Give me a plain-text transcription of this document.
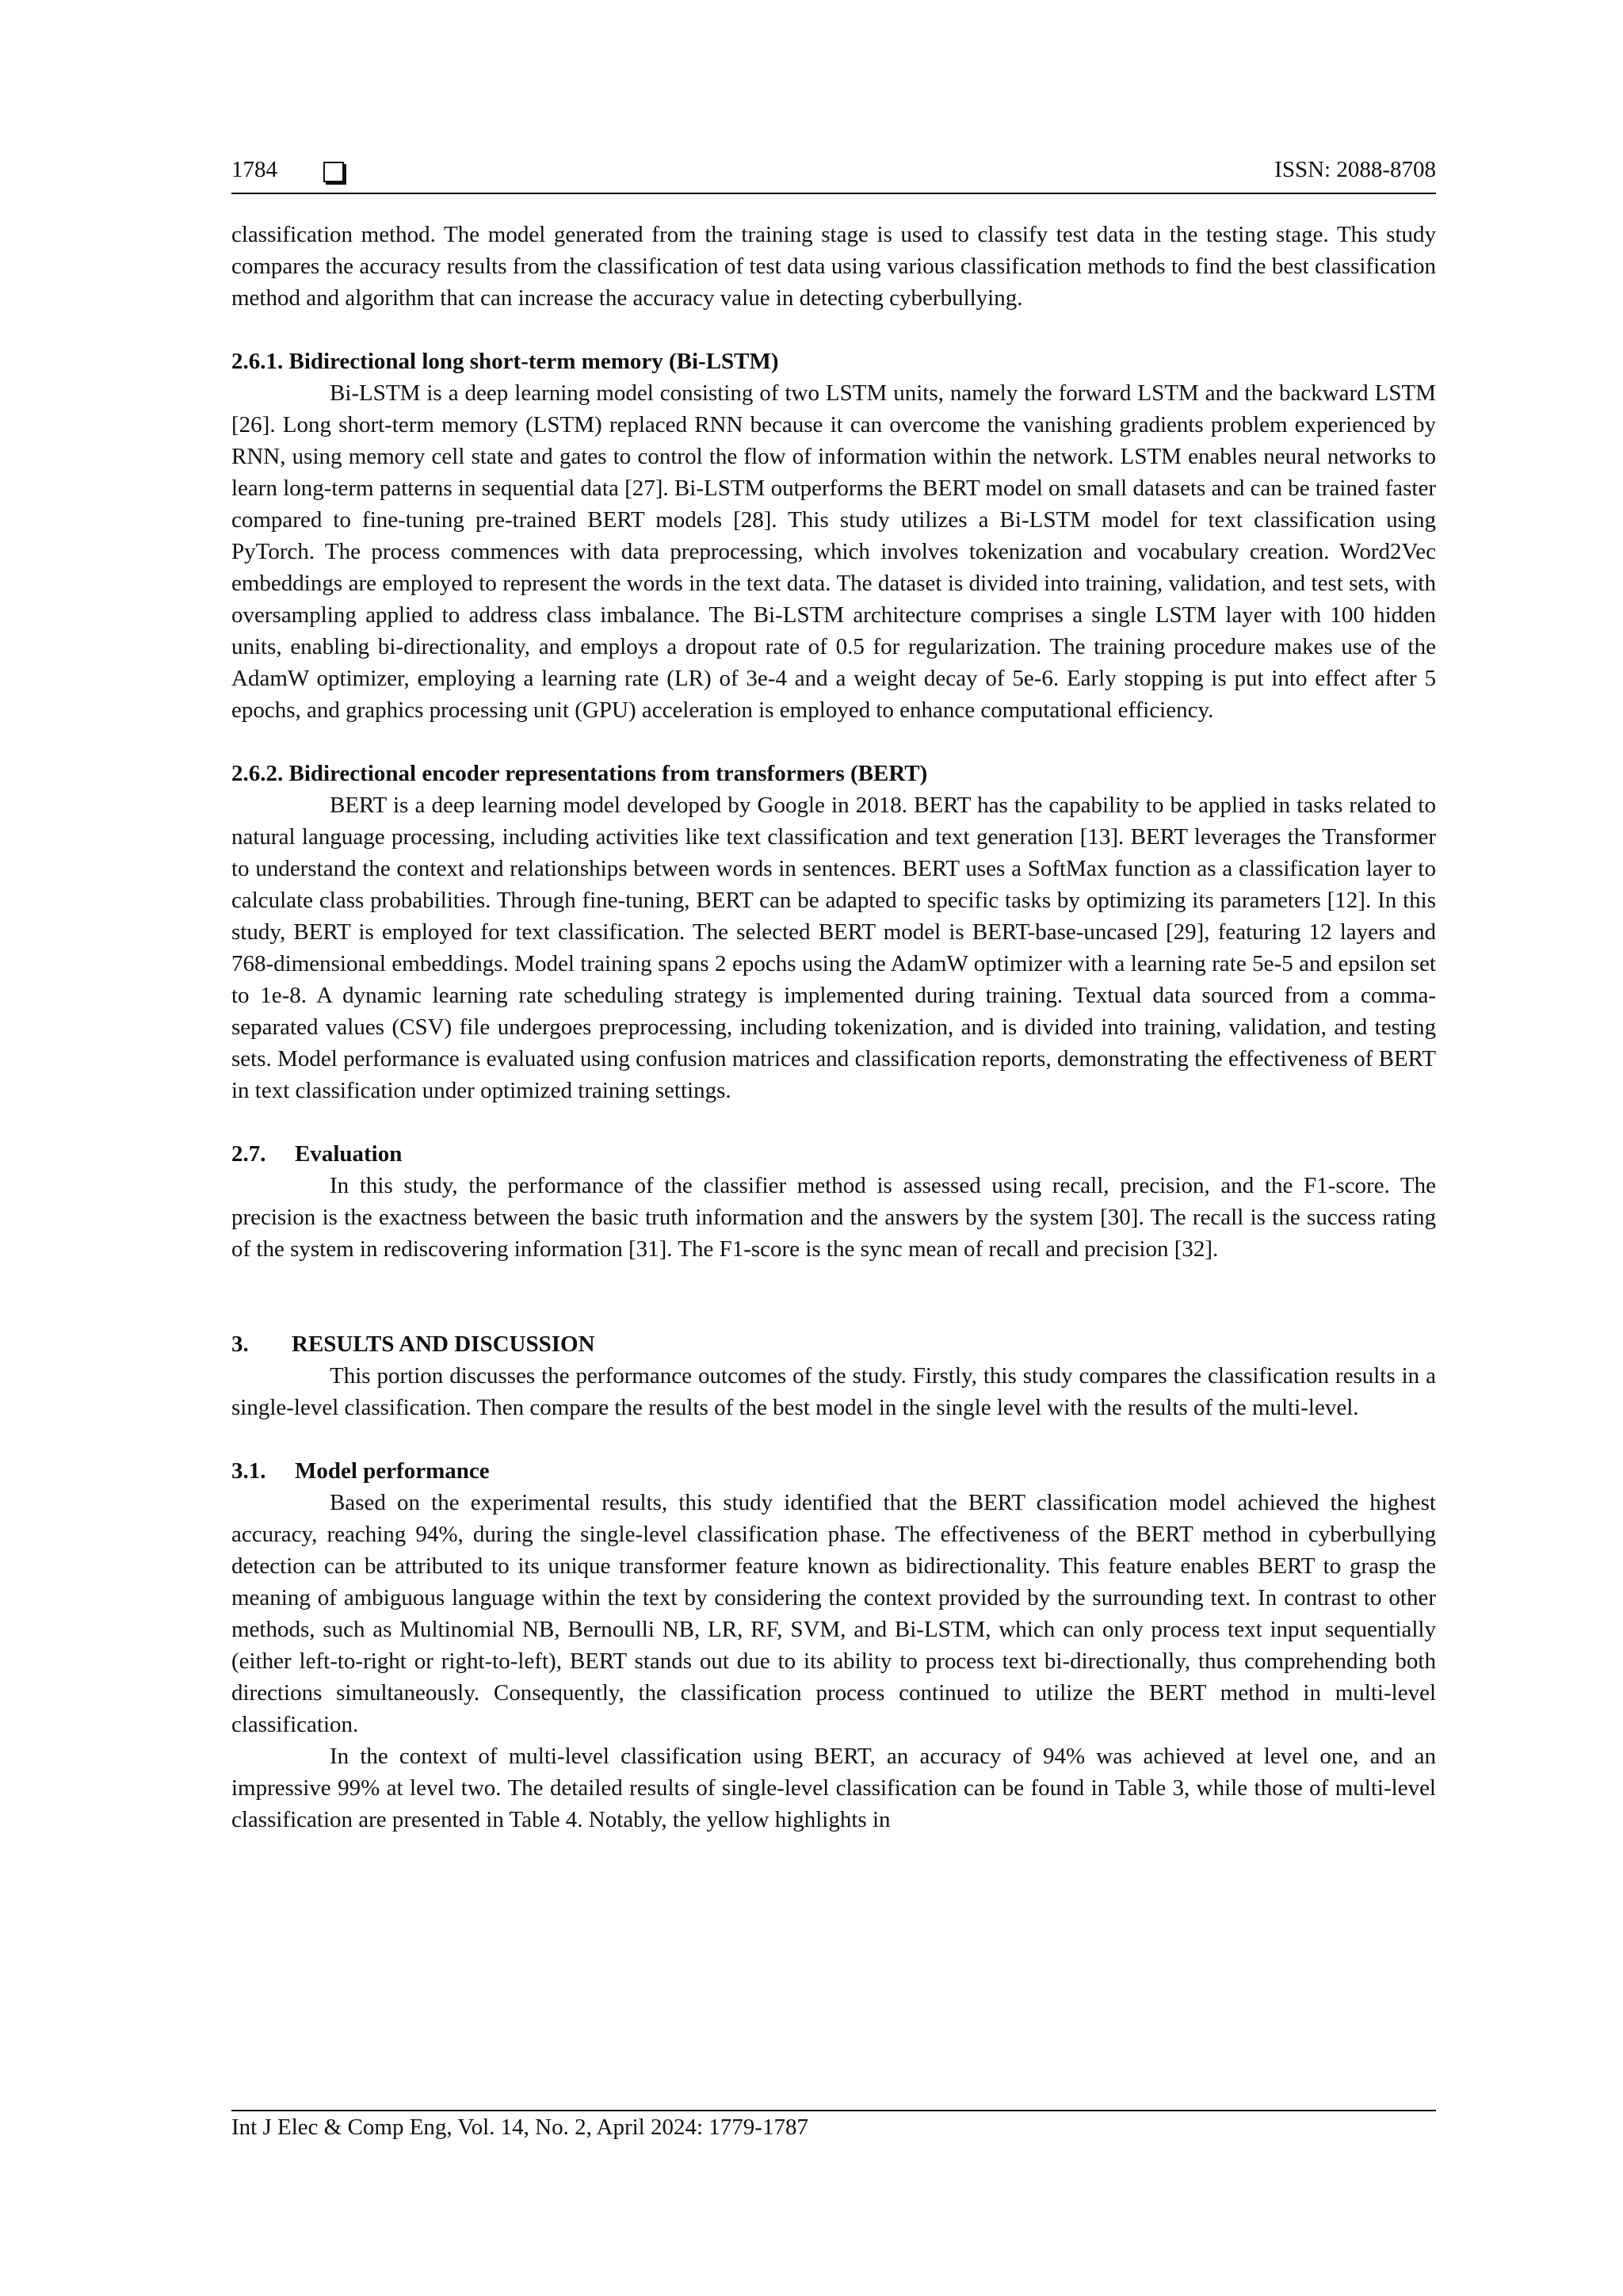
1784	ISSN: 2088-8708

classification method. The model generated from the training stage is used to classify test data in the testing stage. This study compares the accuracy results from the classification of test data using various classification methods to find the best classification method and algorithm that can increase the accuracy value in detecting cyberbullying.

2.6.1. Bidirectional long short-term memory (Bi-LSTM)

Bi-LSTM is a deep learning model consisting of two LSTM units, namely the forward LSTM and the backward LSTM [26]. Long short-term memory (LSTM) replaced RNN because it can overcome the vanishing gradients problem experienced by RNN, using memory cell state and gates to control the flow of information within the network. LSTM enables neural networks to learn long-term patterns in sequential data [27]. Bi-LSTM outperforms the BERT model on small datasets and can be trained faster compared to fine-tuning pre-trained BERT models [28]. This study utilizes a Bi-LSTM model for text classification using PyTorch. The process commences with data preprocessing, which involves tokenization and vocabulary creation. Word2Vec embeddings are employed to represent the words in the text data. The dataset is divided into training, validation, and test sets, with oversampling applied to address class imbalance. The Bi-LSTM architecture comprises a single LSTM layer with 100 hidden units, enabling bi-directionality, and employs a dropout rate of 0.5 for regularization. The training procedure makes use of the AdamW optimizer, employing a learning rate (LR) of 3e-4 and a weight decay of 5e-6. Early stopping is put into effect after 5 epochs, and graphics processing unit (GPU) acceleration is employed to enhance computational efficiency.

2.6.2. Bidirectional encoder representations from transformers (BERT)

BERT is a deep learning model developed by Google in 2018. BERT has the capability to be applied in tasks related to natural language processing, including activities like text classification and text generation [13]. BERT leverages the Transformer to understand the context and relationships between words in sentences. BERT uses a SoftMax function as a classification layer to calculate class probabilities. Through fine-tuning, BERT can be adapted to specific tasks by optimizing its parameters [12]. In this study, BERT is employed for text classification. The selected BERT model is BERT-base-uncased [29], featuring 12 layers and 768-dimensional embeddings. Model training spans 2 epochs using the AdamW optimizer with a learning rate 5e-5 and epsilon set to 1e-8. A dynamic learning rate scheduling strategy is implemented during training. Textual data sourced from a comma-separated values (CSV) file undergoes preprocessing, including tokenization, and is divided into training, validation, and testing sets. Model performance is evaluated using confusion matrices and classification reports, demonstrating the effectiveness of BERT in text classification under optimized training settings.

2.7. Evaluation

In this study, the performance of the classifier method is assessed using recall, precision, and the F1-score. The precision is the exactness between the basic truth information and the answers by the system [30]. The recall is the success rating of the system in rediscovering information [31]. The F1-score is the sync mean of recall and precision [32].

3. RESULTS AND DISCUSSION

This portion discusses the performance outcomes of the study. Firstly, this study compares the classification results in a single-level classification. Then compare the results of the best model in the single level with the results of the multi-level.

3.1. Model performance

Based on the experimental results, this study identified that the BERT classification model achieved the highest accuracy, reaching 94%, during the single-level classification phase. The effectiveness of the BERT method in cyberbullying detection can be attributed to its unique transformer feature known as bidirectionality. This feature enables BERT to grasp the meaning of ambiguous language within the text by considering the context provided by the surrounding text. In contrast to other methods, such as Multinomial NB, Bernoulli NB, LR, RF, SVM, and Bi-LSTM, which can only process text input sequentially (either left-to-right or right-to-left), BERT stands out due to its ability to process text bi-directionally, thus comprehending both directions simultaneously. Consequently, the classification process continued to utilize the BERT method in multi-level classification.

In the context of multi-level classification using BERT, an accuracy of 94% was achieved at level one, and an impressive 99% at level two. The detailed results of single-level classification can be found in Table 3, while those of multi-level classification are presented in Table 4. Notably, the yellow highlights in

Int J Elec & Comp Eng, Vol. 14, No. 2, April 2024: 1779-1787
